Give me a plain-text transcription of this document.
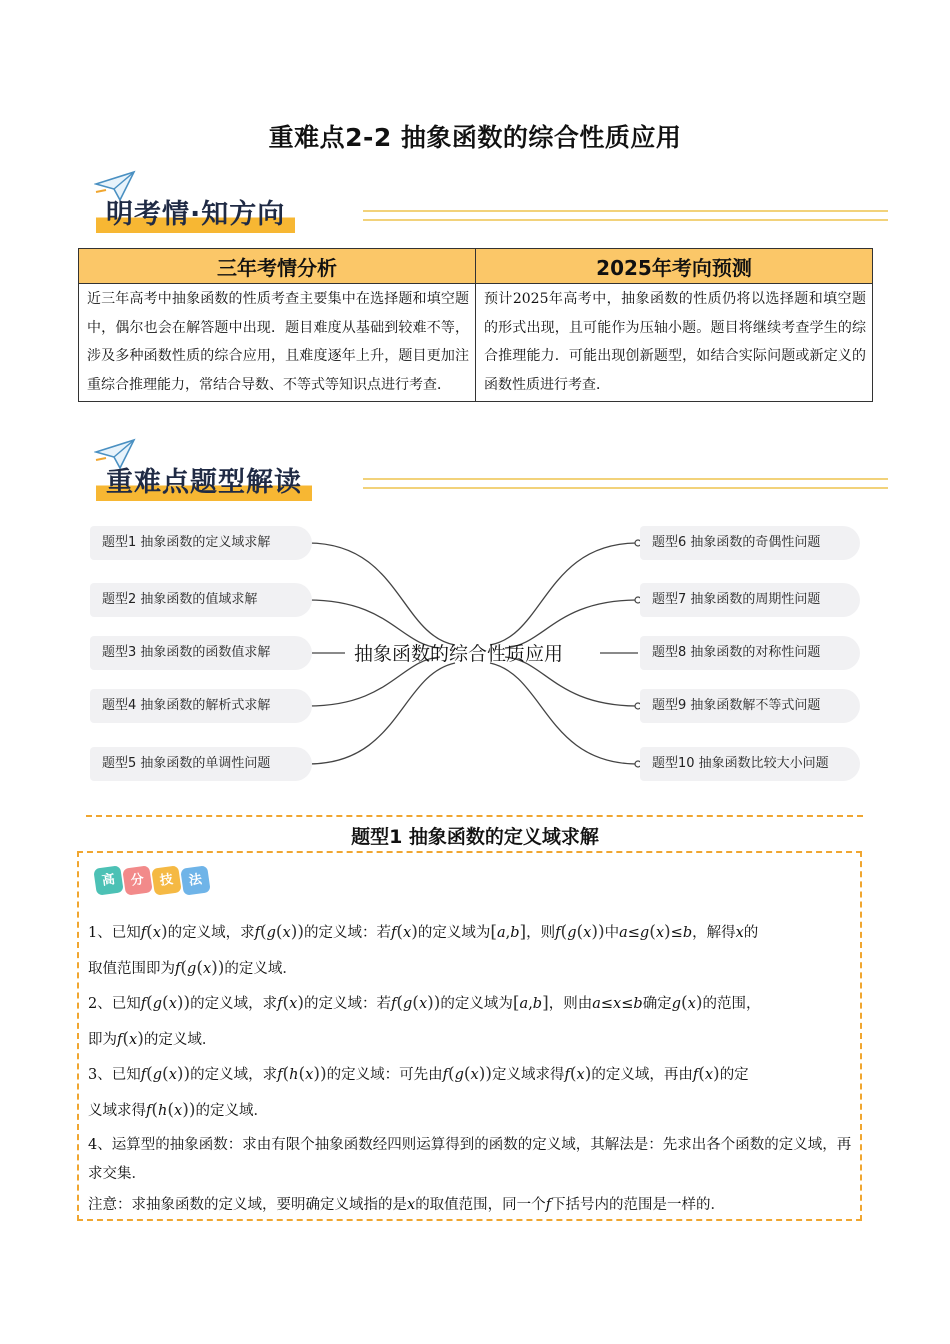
重难点2-2 抽象函数的综合性质应用
明考情·知方向
三年考情分析	2025年考向预测
近三年高考中抽象函数的性质考查主要集中在选择题和填空题中，偶尔也会在解答题中出现．题目难度从基础到较难不等，涉及多种函数性质的综合应用，且难度逐年上升，题目更加注重综合推理能力，常结合导数、不等式等知识点进行考查．	预计2025年高考中，抽象函数的性质仍将以选择题和填空题的形式出现，且可能作为压轴小题。题目将继续考查学生的综合推理能力．可能出现创新题型，如结合实际问题或新定义的函数性质进行考查．
重难点题型解读
题型1 抽象函数的定义域求解
题型2 抽象函数的值域求解
题型3 抽象函数的函数值求解
题型4 抽象函数的解析式求解
题型5 抽象函数的单调性问题
抽象函数的综合性质应用
题型6 抽象函数的奇偶性问题
题型7 抽象函数的周期性问题
题型8 抽象函数的对称性问题
题型9 抽象函数解不等式问题
题型10 抽象函数比较大小问题
题型1 抽象函数的定义域求解
高 分 技 法

1、已知f(x)的定义域，求f(g(x))的定义域：若f(x)的定义域为[a,b]，则f(g(x))中a≤g(x)≤b，解得x的
取值范围即为f(g(x))的定义域．

2、已知f(g(x))的定义域，求f(x)的定义域：若f(g(x))的定义域为[a,b]，则由a≤x≤b确定g(x)的范围，
即为f(x)的定义域．

3、已知f(g(x))的定义域，求f(h(x))的定义域：可先由f(g(x))定义域求得f(x)的定义域，再由f(x)的定
义域求得f(h(x))的定义域．

4、运算型的抽象函数：求由有限个抽象函数经四则运算得到的函数的定义域，其解法是：先求出各个函数的定义域，再求交集．

注意：求抽象函数的定义域，要明确定义域指的是x的取值范围，同一个f下括号内的范围是一样的．
